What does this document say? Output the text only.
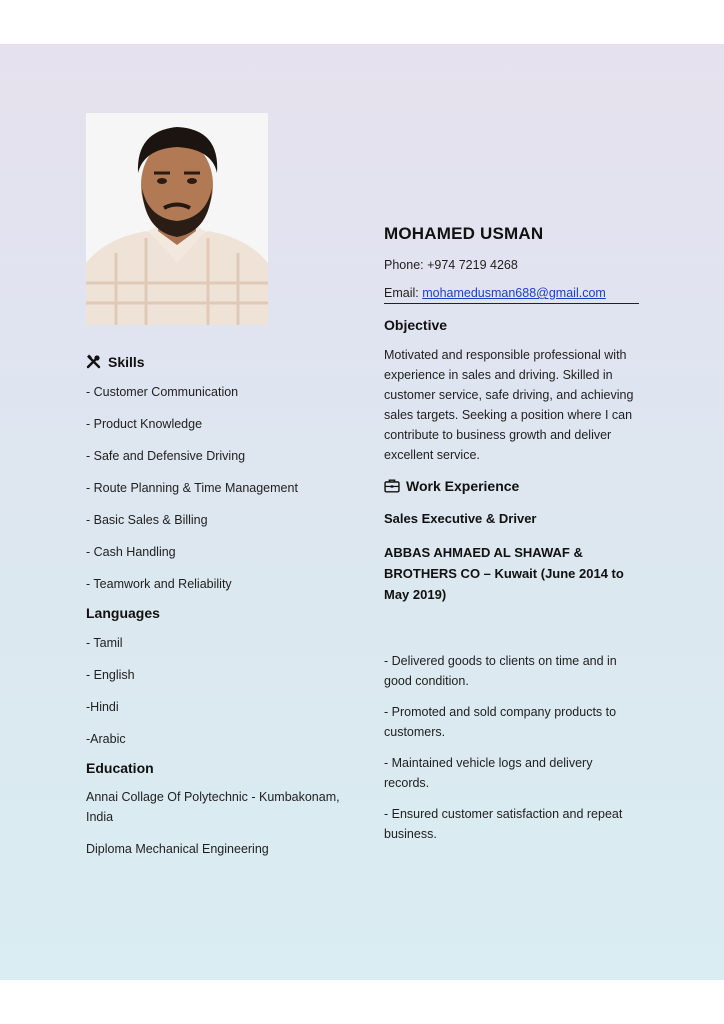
Skills
- Customer Communication
- Product Knowledge
- Safe and Defensive Driving
- Route Planning & Time Management
- Basic Sales & Billing
- Cash Handling
- Teamwork and Reliability
Languages
- Tamil
- English
-Hindi
-Arabic
Education
Annai Collage Of Polytechnic - Kumbakonam, India
Diploma Mechanical Engineering
MOHAMED USMAN
Phone: +974 7219 4268
Email: mohamedusman688@gmail.com
Objective
Motivated and responsible professional with experience in sales and driving. Skilled in customer service, safe driving, and achieving sales targets. Seeking a position where I can contribute to business growth and deliver excellent service.
Work Experience
Sales Executive & Driver
ABBAS AHMAED AL SHAWAF & BROTHERS CO – Kuwait (June 2014 to May 2019)
- Delivered goods to clients on time and in good condition.
- Promoted and sold company products to customers.
- Maintained vehicle logs and delivery records.
- Ensured customer satisfaction and repeat business.
